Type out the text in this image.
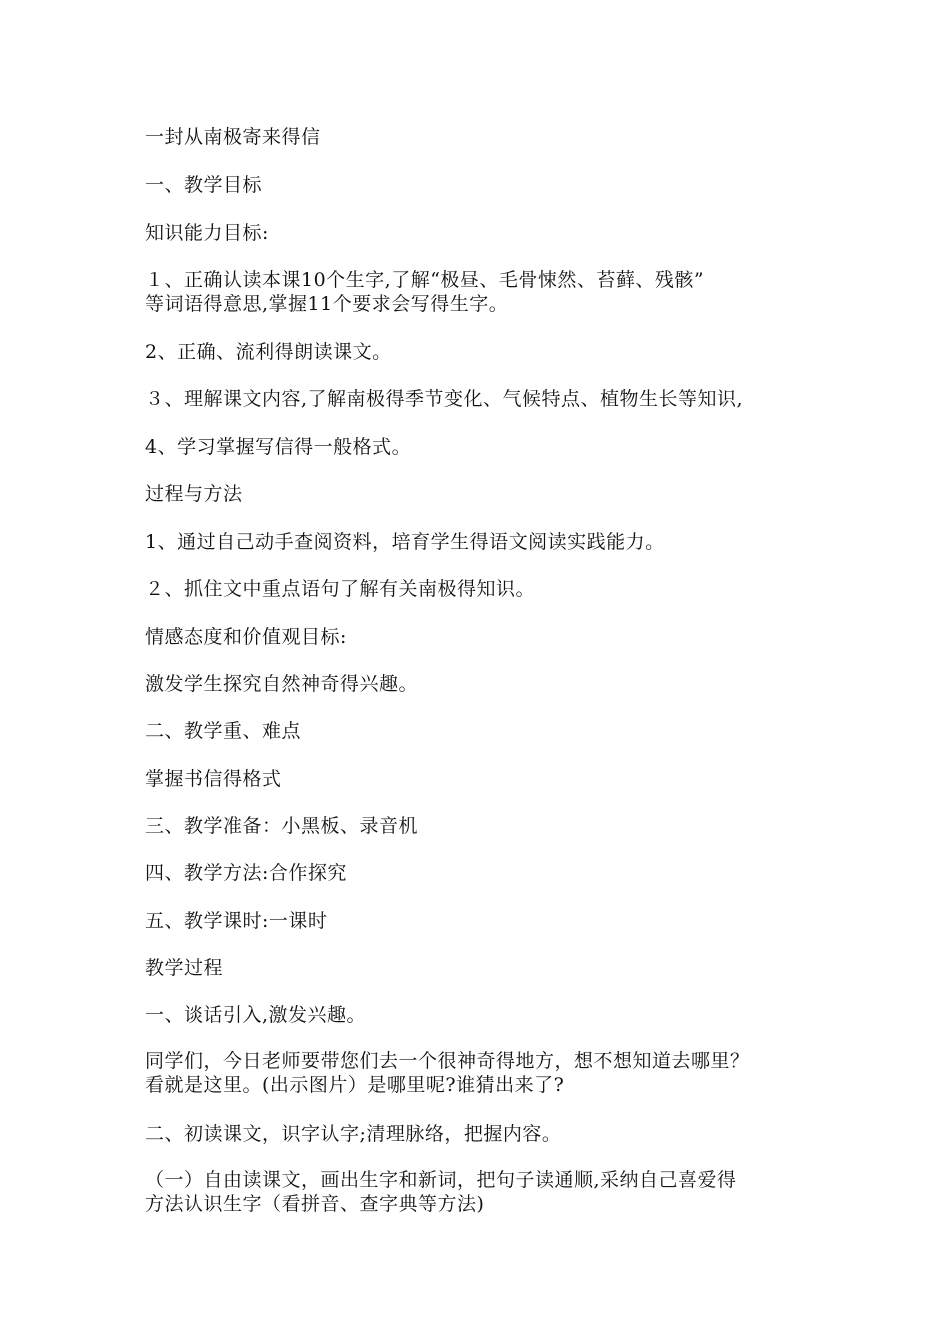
一封从南极寄来得信
一、教学目标
知识能力目标:
１、正确认读本课10个生字,了解“极昼、毛骨悚然、苔藓、残骸”
等词语得意思,掌握11个要求会写得生字。
2、正确、流利得朗读课文。
３、理解课文内容,了解南极得季节变化、气候特点、植物生长等知识,
4、学习掌握写信得一般格式。
过程与方法
1、通过自己动手查阅资料，培育学生得语文阅读实践能力。
２、抓住文中重点语句了解有关南极得知识。
情感态度和价值观目标:
激发学生探究自然神奇得兴趣。
二、教学重、难点
掌握书信得格式
三、教学准备：小黑板、录音机
四、教学方法:合作探究
五、教学课时:一课时
教学过程
一、谈话引入,激发兴趣。
同学们，今日老师要带您们去一个很神奇得地方，想不想知道去哪里？
看就是这里。(出示图片）是哪里呢?谁猜出来了?
二、初读课文，识字认字;清理脉络，把握内容。
（一）自由读课文，画出生字和新词，把句子读通顺,采纳自己喜爱得
方法认识生字（看拼音、查字典等方法)
